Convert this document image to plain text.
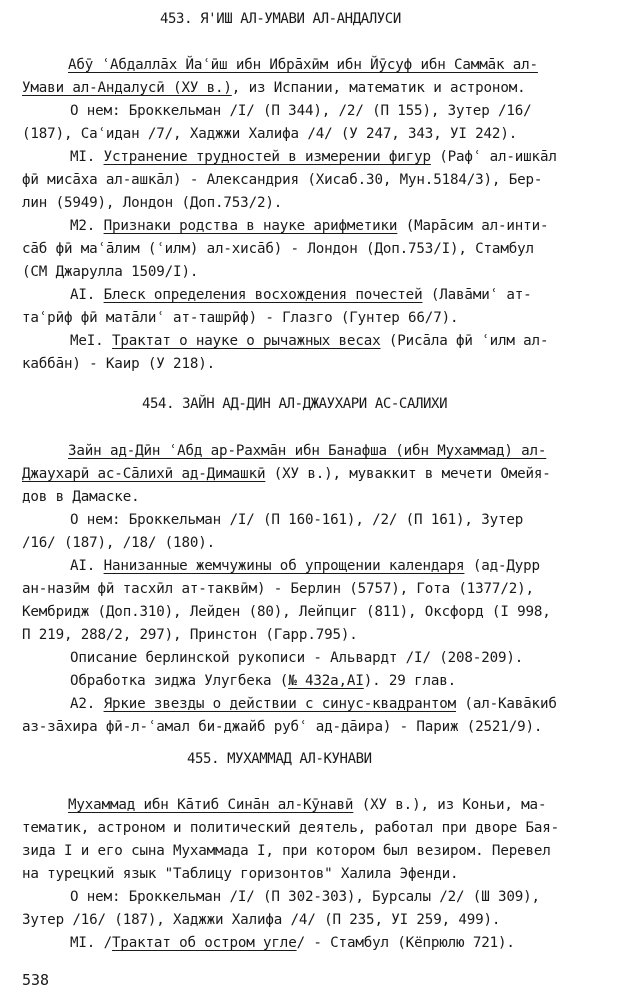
453. Я'ИШ АЛ-УМАВИ АЛ-АНДАЛУСИ
Абӯ ʿАбдаллāх Йаʿӣш ибн Ибрāхӣм ибн Йӯсуф ибн Саммāк ал-
Умави ал-Андалусӣ (ХУ в.), из Испании, математик и астроном.
О нем: Броккельман /I/ (П 344), /2/ (П 155), Зутер /16/
(187), Саʿидан /7/, Хаджжи Халифа /4/ (У 247, 343, УI 242).
MI. Устранение трудностей в измерении фигур (Рафʿ ал-ишкāл
фӣ мисāха ал-ашкāл) - Александрия (Хисаб.30, Мун.5184/3), Бер-
лин (5949), Лондон (Доп.753/2).
M2. Признаки родства в науке арифметики (Марāсим ал-инти-
сāб фӣ маʿāлим (ʿилм) ал-хисāб) - Лондон (Доп.753/I), Стамбул
(СМ Джарулла 1509/I).
AI. Блеск определения восхождения почестей (Лавāмиʿ ат-
таʿрӣф фӣ матāлиʿ ат-ташрӣф) - Глазго (Гунтер 66/7).
MeI. Трактат о науке о рычажных весах (Рисāла фӣ ʿилм ал-
каббāн) - Каир (У 218).
454. ЗАЙН АД-ДИН АЛ-ДЖАУХАРИ АС-САЛИХИ
Зайн ад-Дӣн ʿАбд ар-Рахмāн ибн Банафша (ибн Мухаммад) ал-
Джаухарӣ ас-Сāлихӣ ад-Димашкӣ (ХУ в.), муваккит в мечети Омейя-
дов в Дамаске.
О нем: Броккельман /I/ (П 160-161), /2/ (П 161), Зутер
/16/ (187), /18/ (180).
AI. Нанизанные жемчужины об упрощении календаря (ад-Дурр
ан-назӣм фӣ тасхӣл ат-таквӣм) - Берлин (5757), Гота (1377/2),
Кембридж (Доп.310), Лейден (80), Лейпциг (811), Оксфорд (I 998,
П 219, 288/2, 297), Принстон (Гарр.795).
Описание берлинской рукописи - Альвардт /I/ (208-209).
Обработка зиджа Улугбека (№ 432а,AI). 29 глав.
A2. Яркие звезды о действии с синус-квадрантом (ал-Кавāкиб
аз-зāхира фӣ-л-ʿамал би-джайб рубʿ ад-дāира) - Париж (2521/9).
455. МУХАММАД АЛ-КУНАВИ
Мухаммад ибн Кāтиб Синāн ал-Кӯнавӣ (ХУ в.), из Коньи, ма-
тематик, астроном и политический деятель, работал при дворе Бая-
зида I и его сына Мухаммада I, при котором был везиром. Перевел
на турецкий язык "Таблицу горизонтов" Халила Эфенди.
О нем: Броккельман /I/ (П 302-303), Бурсалы /2/ (Ш 309),
Зутер /16/ (187), Хаджжи Халифа /4/ (П 235, УI 259, 499).
MI. /Трактат об остром угле/ - Стамбул (Кёпрюлю 721).
538
